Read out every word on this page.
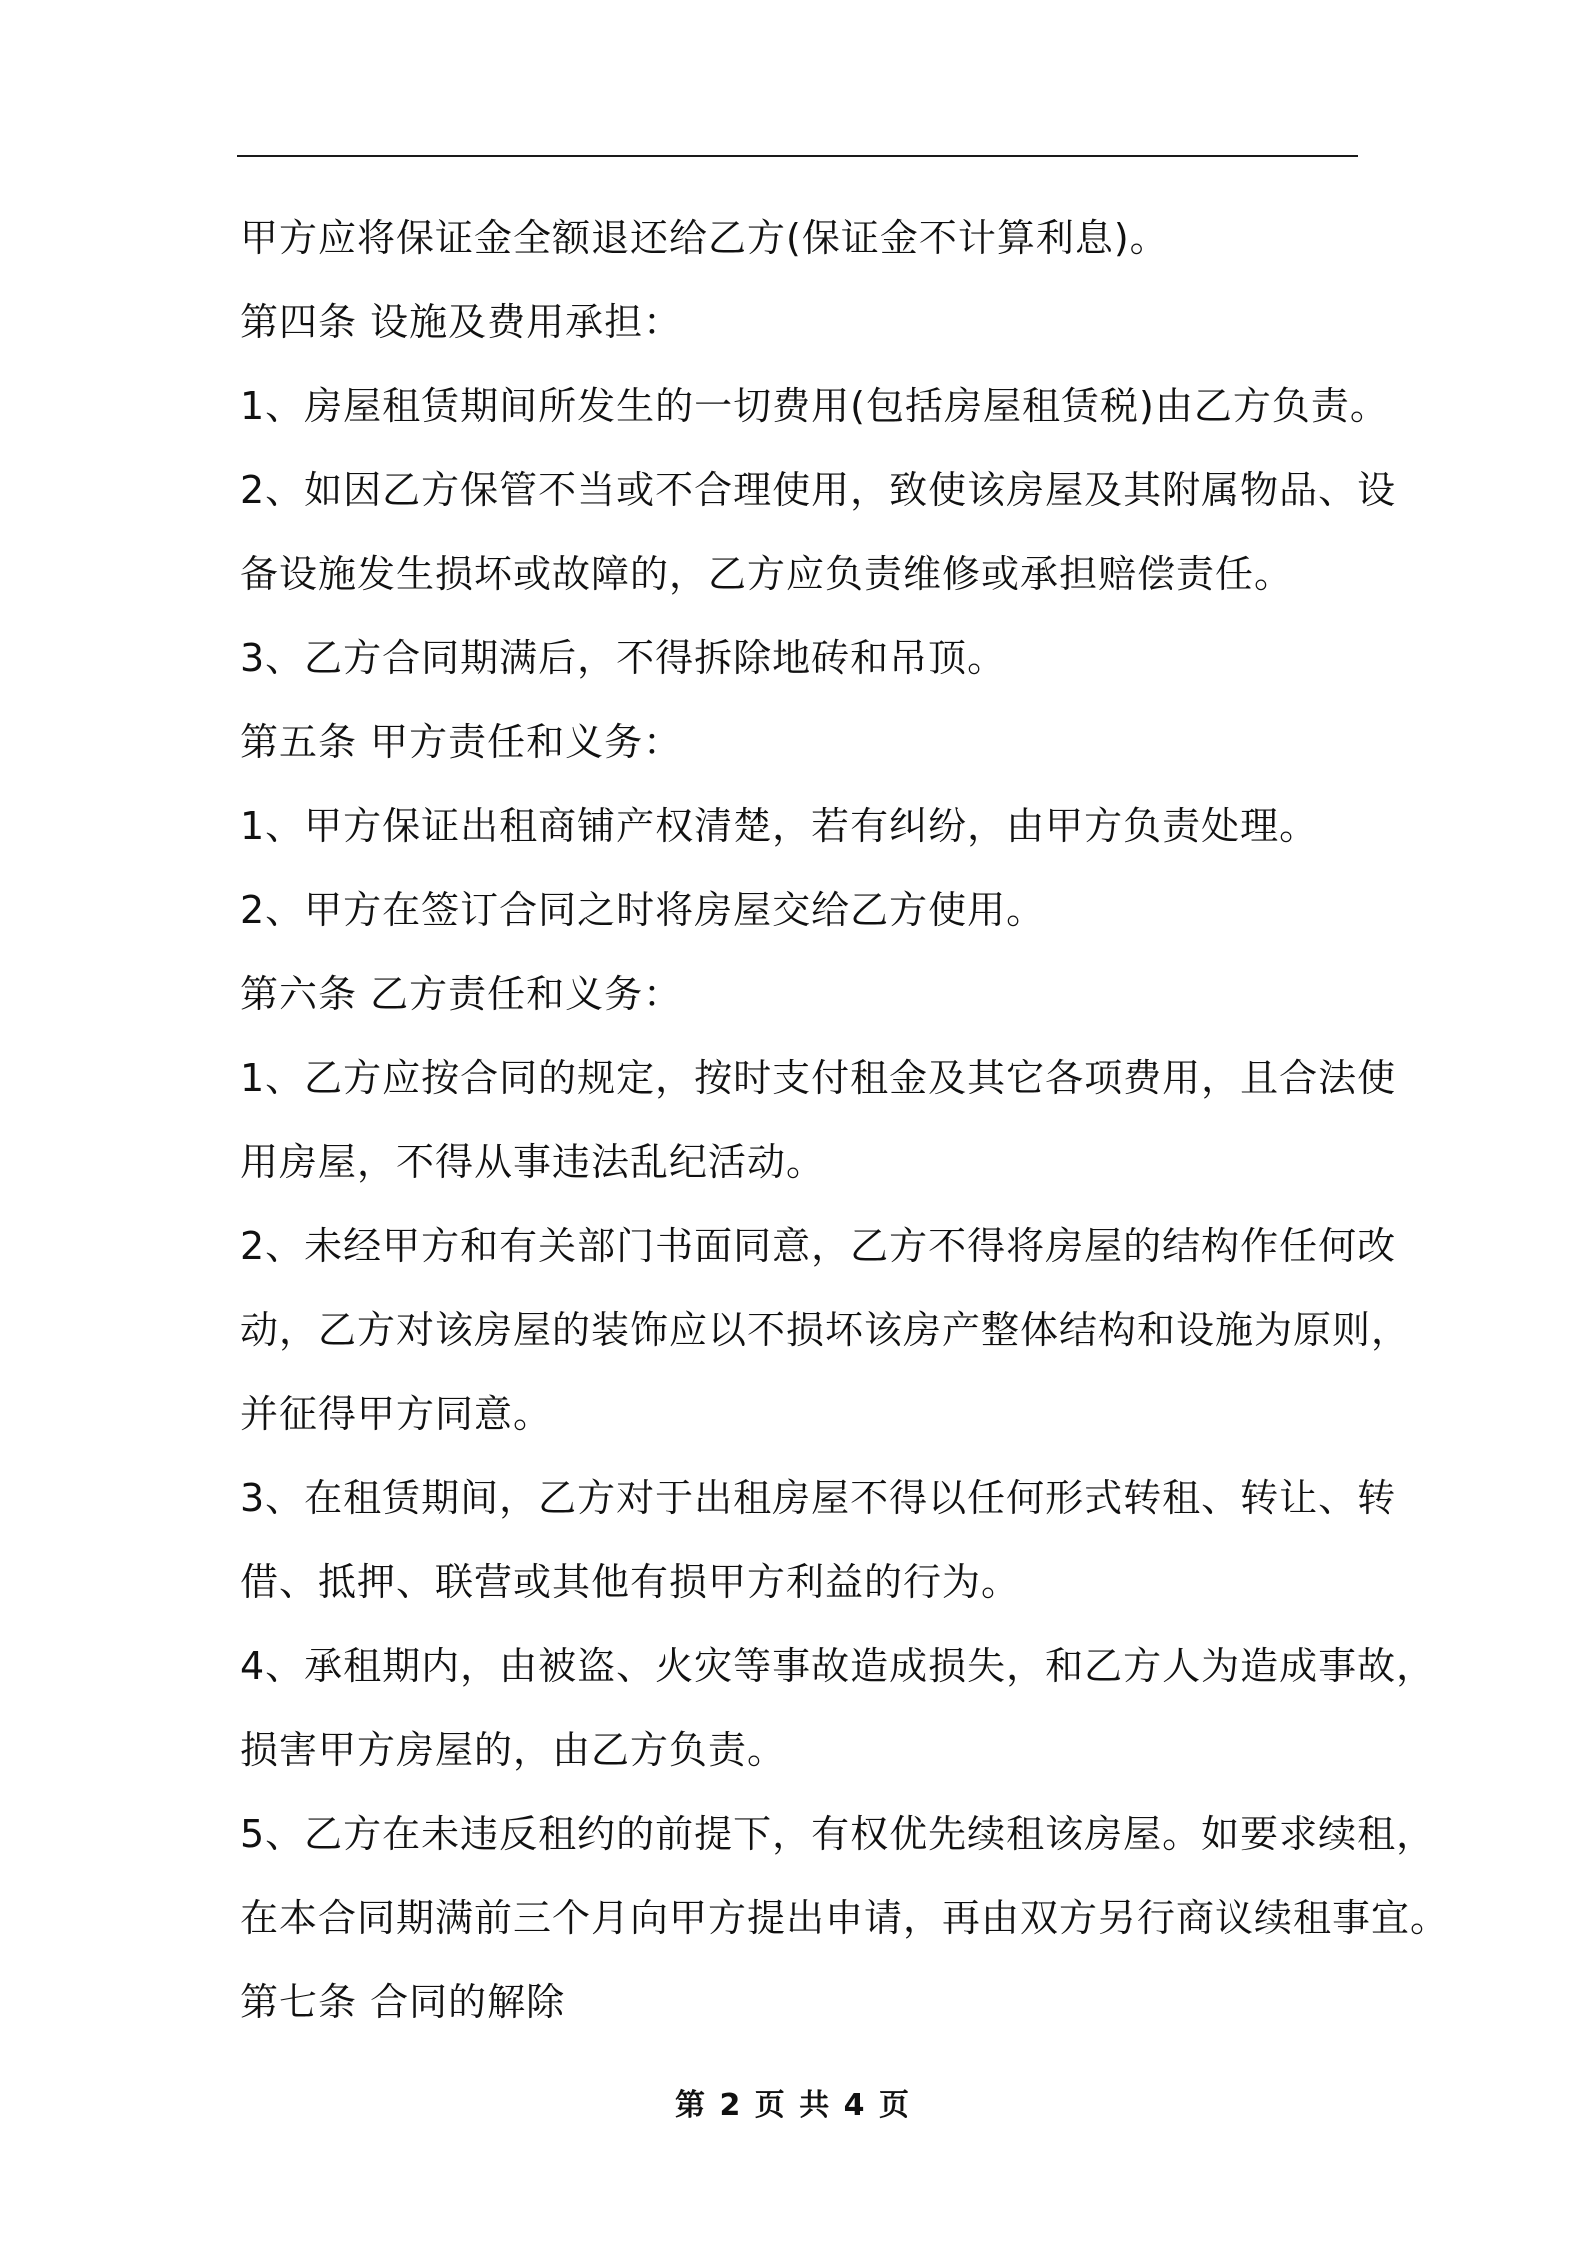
甲方应将保证金全额退还给乙方(保证金不计算利息)。
第四条 设施及费用承担：
1、房屋租赁期间所发生的一切费用(包括房屋租赁税)由乙方负责。
2、如因乙方保管不当或不合理使用，致使该房屋及其附属物品、设
备设施发生损坏或故障的，乙方应负责维修或承担赔偿责任。
3、乙方合同期满后，不得拆除地砖和吊顶。
第五条 甲方责任和义务：
1、甲方保证出租商铺产权清楚，若有纠纷，由甲方负责处理。
2、甲方在签订合同之时将房屋交给乙方使用。
第六条 乙方责任和义务：
1、乙方应按合同的规定，按时支付租金及其它各项费用，且合法使
用房屋，不得从事违法乱纪活动。
2、未经甲方和有关部门书面同意，乙方不得将房屋的结构作任何改
动，乙方对该房屋的装饰应以不损坏该房产整体结构和设施为原则，
并征得甲方同意。
3、在租赁期间，乙方对于出租房屋不得以任何形式转租、转让、转
借、抵押、联营或其他有损甲方利益的行为。
4、承租期内，由被盗、火灾等事故造成损失，和乙方人为造成事故，
损害甲方房屋的，由乙方负责。
5、乙方在未违反租约的前提下，有权优先续租该房屋。如要求续租，
在本合同期满前三个月向甲方提出申请，再由双方另行商议续租事宜。
第七条 合同的解除
第 2 页 共 4 页
